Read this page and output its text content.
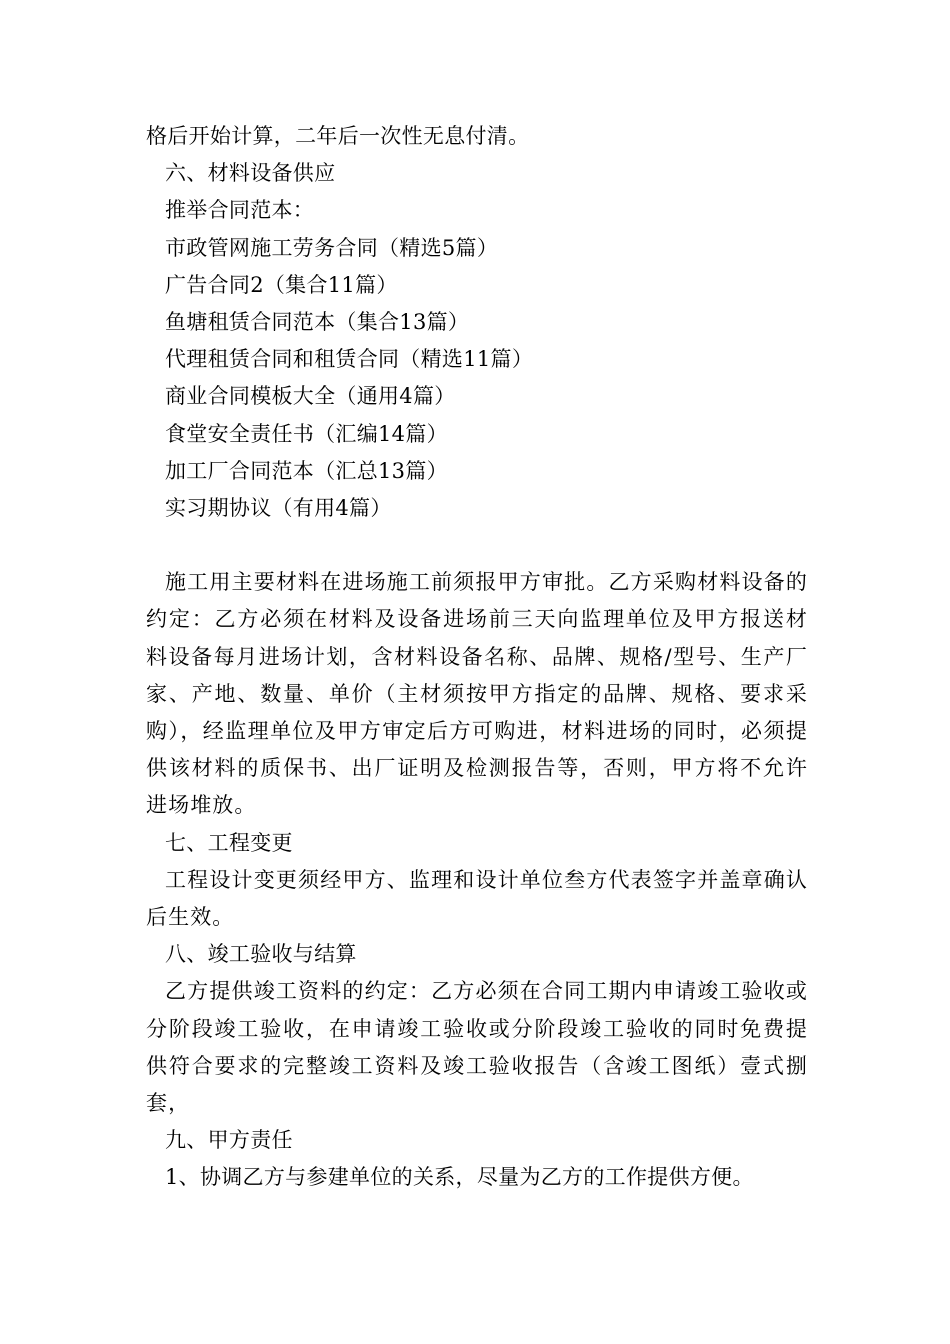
格后开始计算，二年后一次性无息付清。
六、材料设备供应
推举合同范本：
市政管网施工劳务合同（精选5篇）
广告合同2（集合11篇）
鱼塘租赁合同范本（集合13篇）
代理租赁合同和租赁合同（精选11篇）
商业合同模板大全（通用4篇）
食堂安全责任书（汇编14篇）
加工厂合同范本（汇总13篇）
实习期协议（有用4篇）

施工用主要材料在进场施工前须报甲方审批。乙方采购材料设备的约定：乙方必须在材料及设备进场前三天向监理单位及甲方报送材料设备每月进场计划，含材料设备名称、品牌、规格/型号、生产厂家、产地、数量、单价（主材须按甲方指定的品牌、规格、要求采购），经监理单位及甲方审定后方可购进，材料进场的同时，必须提供该材料的质保书、出厂证明及检测报告等，否则，甲方将不允许进场堆放。

七、工程变更

工程设计变更须经甲方、监理和设计单位叁方代表签字并盖章确认后生效。

八、竣工验收与结算

乙方提供竣工资料的约定：乙方必须在合同工期内申请竣工验收或分阶段竣工验收，在申请竣工验收或分阶段竣工验收的同时免费提供符合要求的完整竣工资料及竣工验收报告（含竣工图纸）壹式捌套，

九、甲方责任
1、协调乙方与参建单位的关系，尽量为乙方的工作提供方便。
